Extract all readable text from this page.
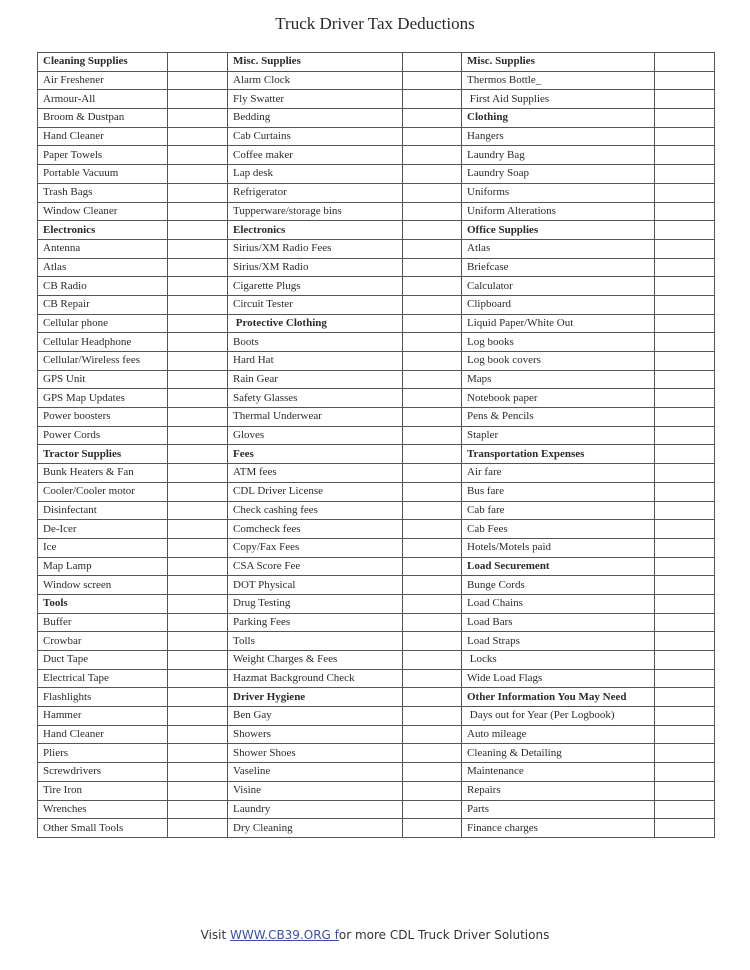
Truck Driver Tax Deductions
Cleaning Supplies		Misc. Supplies		Misc. Supplies	
Air Freshener		Alarm Clock		Thermos Bottle_	
Armour-All		Fly Swatter		First Aid Supplies	
Broom & Dustpan		Bedding		Clothing	
Hand Cleaner		Cab Curtains		Hangers	
Paper Towels		Coffee maker		Laundry Bag	
Portable Vacuum		Lap desk		Laundry Soap	
Trash Bags		Refrigerator		Uniforms	
Window Cleaner		Tupperware/storage bins		Uniform Alterations	
Electronics		Electronics		Office Supplies	
Antenna		Sirius/XM Radio Fees		Atlas	
Atlas		Sirius/XM Radio		Briefcase	
CB Radio		Cigarette Plugs		Calculator	
CB Repair		Circuit Tester		Clipboard	
Cellular phone		Protective Clothing		Liquid Paper/White Out	
Cellular Headphone		Boots		Log books	
Cellular/Wireless fees		Hard Hat		Log book covers	
GPS Unit		Rain Gear		Maps	
GPS Map Updates		Safety Glasses		Notebook paper	
Power boosters		Thermal Underwear		Pens & Pencils	
Power Cords		Gloves		Stapler	
Tractor Supplies		Fees		Transportation Expenses	
Bunk Heaters & Fan		ATM fees		Air fare	
Cooler/Cooler motor		CDL Driver License		Bus fare	
Disinfectant		Check cashing fees		Cab fare	
De-Icer		Comcheck fees		Cab Fees	
Ice		Copy/Fax Fees		Hotels/Motels paid	
Map Lamp		CSA Score Fee		Load Securement	
Window screen		DOT Physical		Bunge Cords	
Tools		Drug Testing		Load Chains	
Buffer		Parking Fees		Load Bars	
Crowbar		Tolls		Load Straps	
Duct Tape		Weight Charges & Fees		Locks	
Electrical Tape		Hazmat Background Check		Wide Load Flags	
Flashlights		Driver Hygiene		Other Information You May Need	
Hammer		Ben Gay		Days out for Year (Per Logbook)	
Hand Cleaner		Showers		Auto mileage	
Pliers		Shower Shoes		Cleaning & Detailing	
Screwdrivers		Vaseline		Maintenance	
Tire Iron		Visine		Repairs	
Wrenches		Laundry		Parts	
Other Small Tools		Dry Cleaning		Finance charges	
Visit WWW.CB39.ORG for more CDL Truck Driver Solutions
